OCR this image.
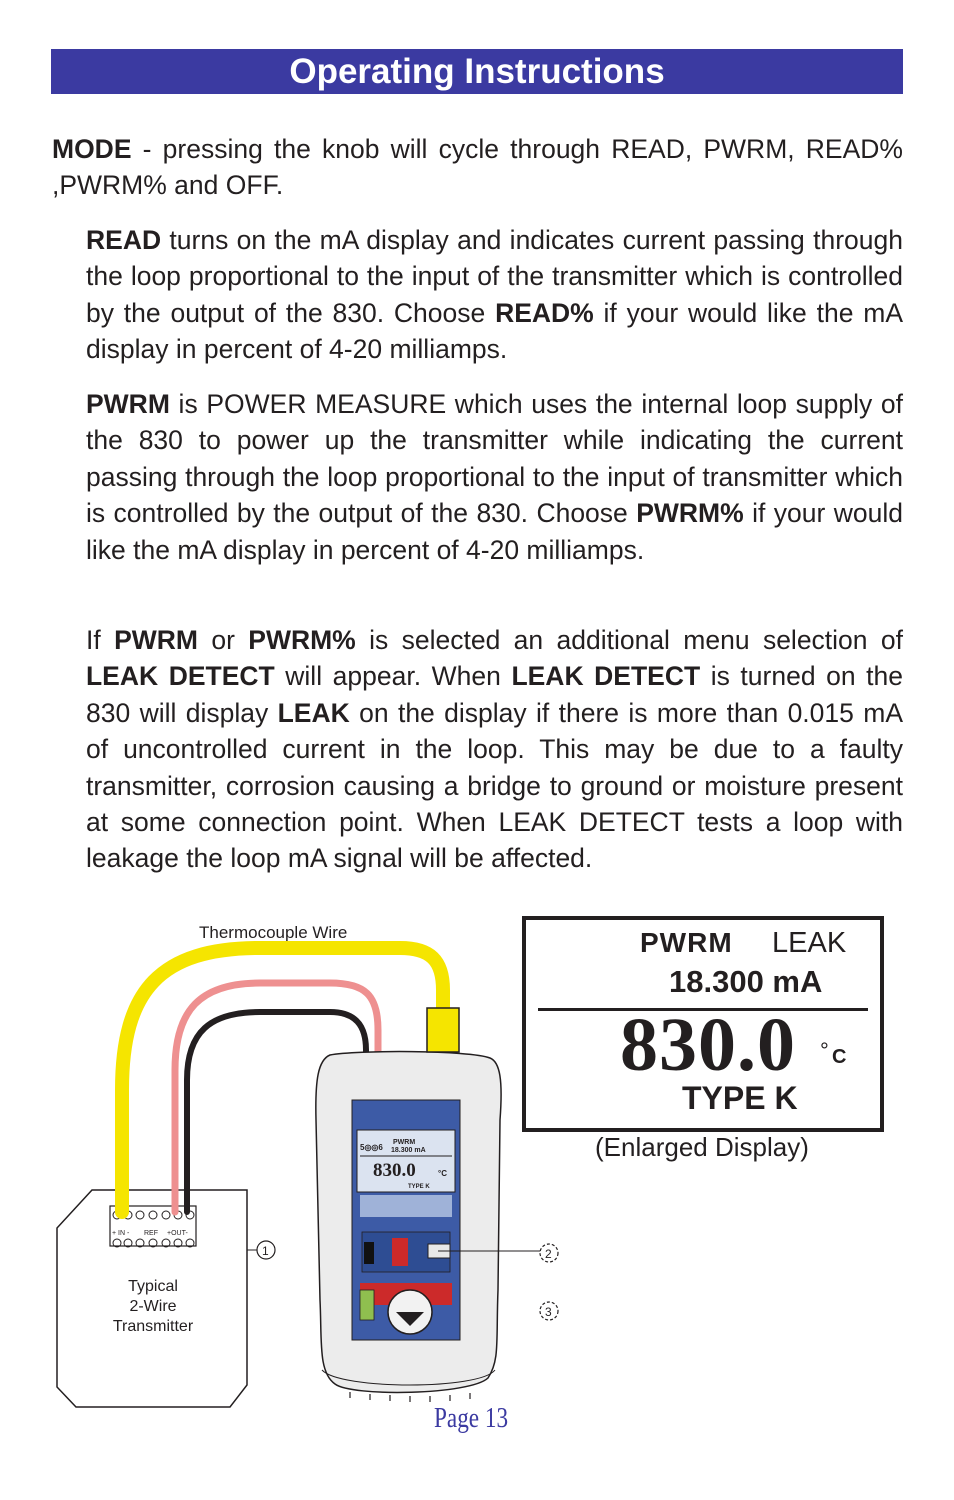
Operating Instructions

MODE - pressing the knob will cycle through READ, PWRM, READ% ,PWRM% and OFF.

READ turns on the mA display and indicates current passing through the loop proportional to the input of the transmitter which is controlled by the output of the 830. Choose READ% if your would like the mA display in percent of 4-20 milliamps.

PWRM is POWER MEASURE which uses the internal loop supply of the 830 to power up the transmitter while indicating the current passing through the loop proportional to the input of transmitter which is controlled by the output of the 830. Choose PWRM% if your would like the mA display in percent of 4-20 milliamps.

If PWRM or PWRM% is selected an additional menu selection of LEAK DETECT will appear. When LEAK DETECT is turned on the 830 will display LEAK on the display if there is more than 0.015 mA of uncontrolled current in the loop. This may be due to a faulty transmitter, corrosion causing a bridge to ground or moisture present at some connection point. When LEAK DETECT tests a loop with leakage the loop mA signal will be affected.

Thermocouple Wire
+ IN - REF +OUT-
5◎◎6
PWRM
18.300 mA
830.0	°C
TYPE K
1	2
3
Typical
2-Wire
Transmitter
PWRM LEAK
18.300 mA
830.0 ° C
TYPE K
(Enlarged Display)
Page 13
